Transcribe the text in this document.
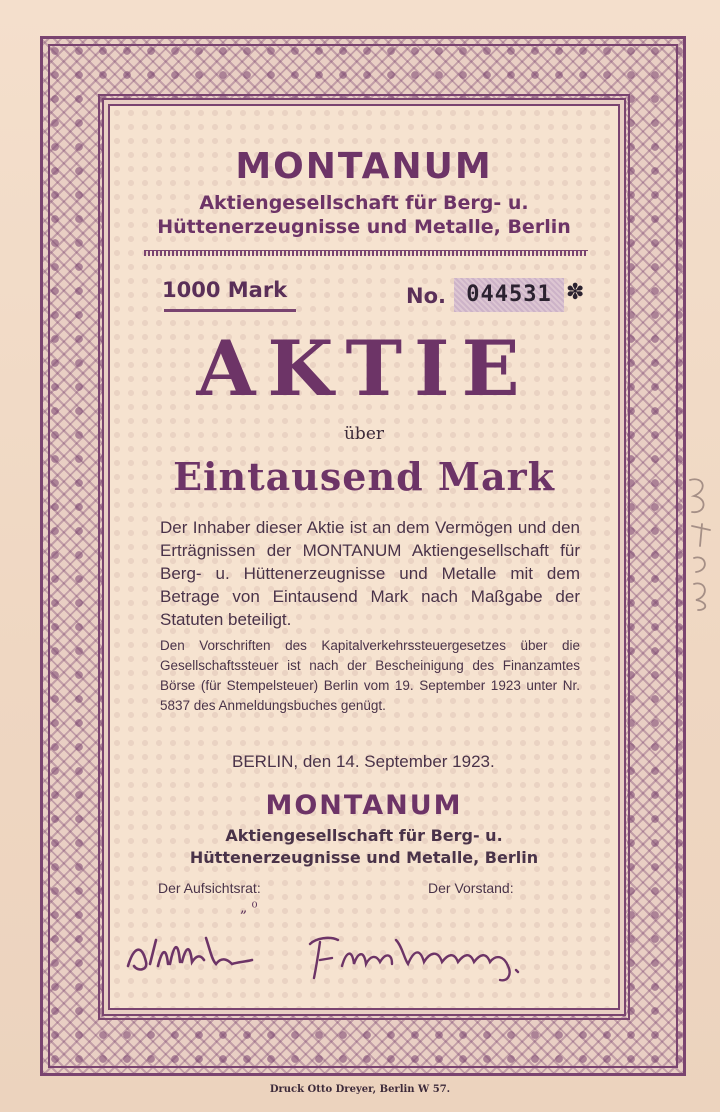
MONTANUM
Aktiengesellschaft für Berg- u.
Hüttenerzeugnisse und Metalle, Berlin
1000 Mark	No. 044531 ✽
AKTIE
über
Eintausend Mark
Der Inhaber dieser Aktie ist an dem Vermögen und den Erträgnissen der MONTANUM Aktiengesellschaft für Berg- u. Hüttenerzeugnisse und Metalle mit dem Betrage von Eintausend Mark nach Maßgabe der Statuten beteiligt.
Den Vorschriften des Kapitalverkehrssteuergesetzes über die Gesellschaftssteuer ist nach der Bescheinigung des Finanzamtes Börse (für Stempelsteuer) Berlin vom 19. September 1923 unter Nr. 5837 des Anmeldungsbuches genügt.
BERLIN, den 14. September 1923.
MONTANUM
Aktiengesellschaft für Berg- u.
Hüttenerzeugnisse und Metalle, Berlin
Der Aufsichtsrat:	Der Vorstand:
„ ⁰
Druck Otto Dreyer, Berlin W 57.
